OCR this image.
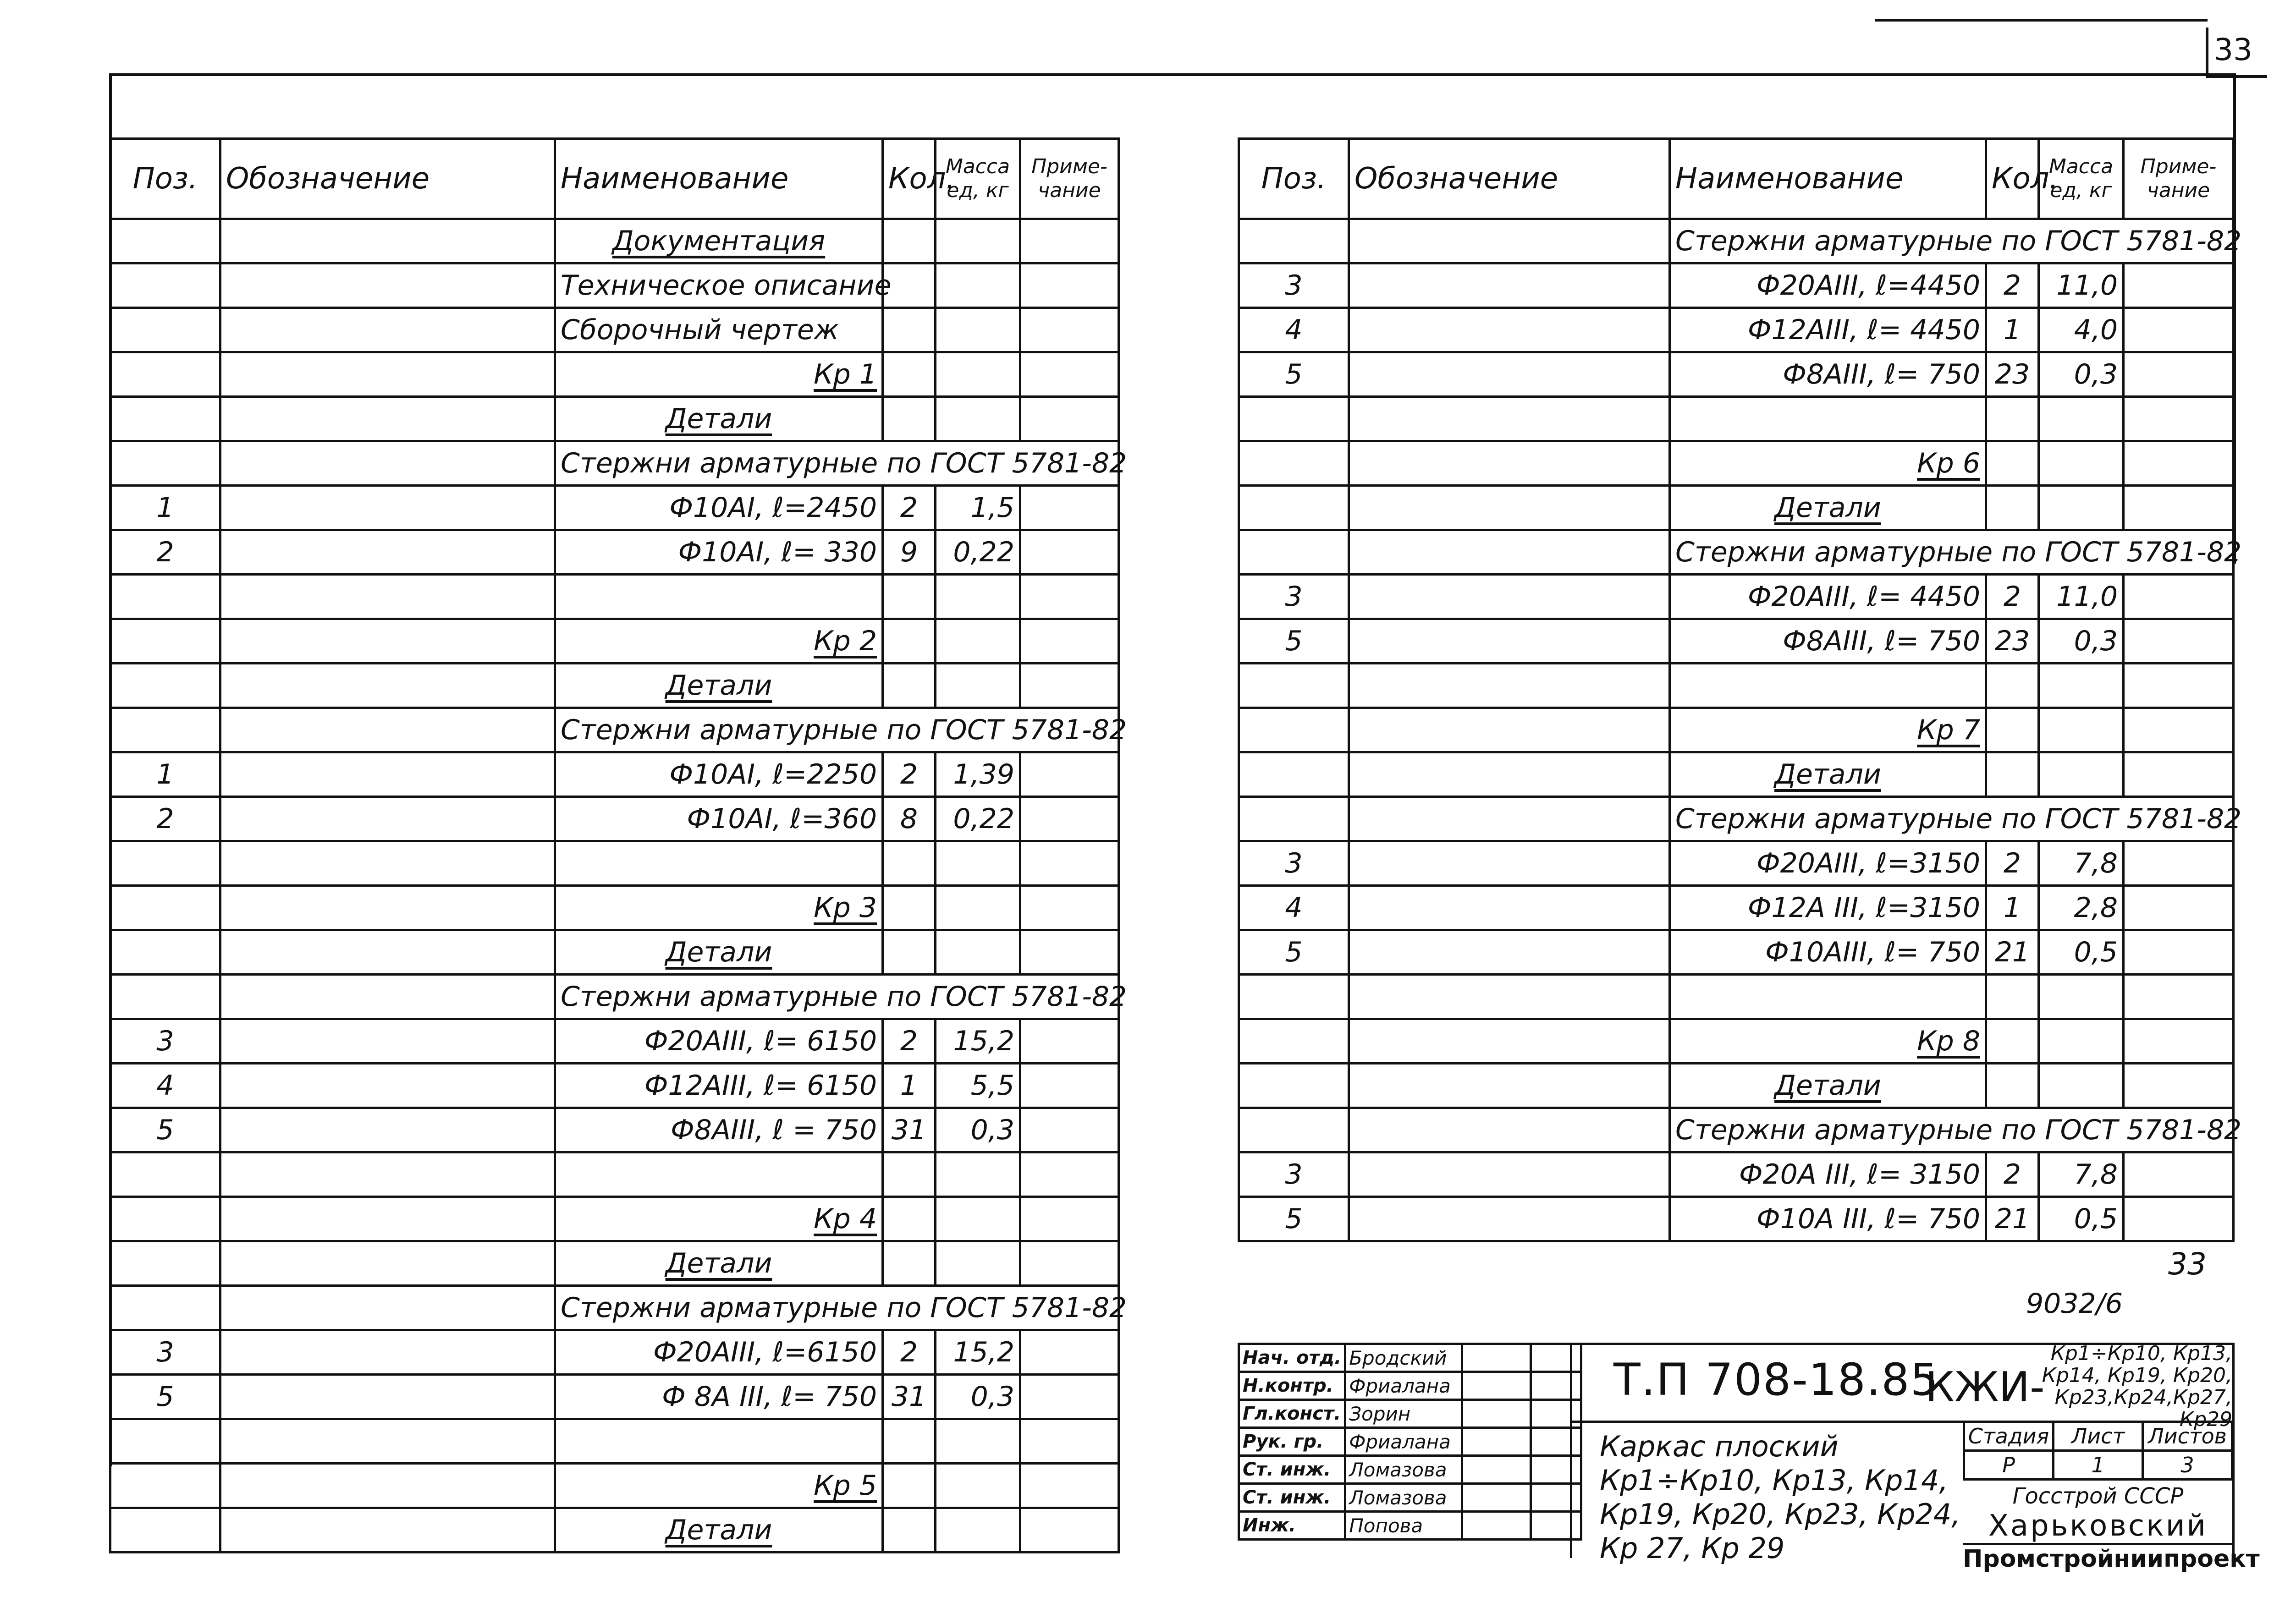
33
Поз.	Обозначение	Наименование	Кол.	Масса ед, кг	Приме-чание	
		Документация				
		Техническое описание				
		Сборочный чертеж				
		Кр 1				
		Детали				
		Стержни арматурные по ГОСТ 5781-82				
1		Ф10АI, ℓ=2450	2	1,5		
2		Ф10АI, ℓ= 330	9	0,22		

		Кр 2				
		Детали				
		Стержни арматурные по ГОСТ 5781-82				
1		Ф10АI, ℓ=2250	2	1,39		
2		Ф10АI, ℓ=360	8	0,22		

		Кр 3				
		Детали				
		Стержни арматурные по ГОСТ 5781-82				
3		Ф20АIII, ℓ= 6150	2	15,2		
4		Ф12АIII, ℓ= 6150	1	5,5		
5		Ф8АIII, ℓ = 750	31	0,3		

		Кр 4				
		Детали				
		Стержни арматурные по ГОСТ 5781-82				
3		Ф20АIII, ℓ=6150	2	15,2		
5		Ф 8А III, ℓ= 750	31	0,3		

		Кр 5				
		Детали				
Поз.	Обозначение	Наименование	Кол.	Масса ед, кг	Приме-чание	
		Стержни арматурные по ГОСТ 5781-82				
3		Ф20АIII, ℓ=4450	2	11,0		
4		Ф12АIII, ℓ= 4450	1	4,0		
5		Ф8АIII, ℓ= 750	23	0,3		

		Кр 6				
		Детали				
		Стержни арматурные по ГОСТ 5781-82				
3		Ф20АIII, ℓ= 4450	2	11,0		
5		Ф8АIII, ℓ= 750	23	0,3		

		Кр 7				
		Детали				
		Стержни арматурные по ГОСТ 5781-82				
3		Ф20АIII, ℓ=3150	2	7,8		
4		Ф12А III, ℓ=3150	1	2,8		
5		Ф10АIII, ℓ= 750	21	0,5		

		Кр 8				
		Детали				
		Стержни арматурные по ГОСТ 5781-82				
3		Ф20А III, ℓ= 3150	2	7,8		
5		Ф10А III, ℓ= 750	21	0,5		
33
9032/6
Нач. отд.	Бродский		
Н.контр.	Фриалана		
Гл.конст.	Зорин		
Рук. гр.	Фриалана		
Ст. инж.	Ломазова		
Ст. инж.	Ломазова		
Инж.	Попова		
Т.П 708-18.85
КЖИ-
Кр1÷Кр10, Кр13, Кр14, Кр19, Кр20, Кр23,Кр24,Кр27, Кр29
Каркас плоский Кр1÷Кр10, Кр13, Кр14, Кр19, Кр20, Кр23, Кр24, Кр 27, Кр 29
Стадия	Лист	Листов
Р	1	3
Госстрой СССР
Харьковский
Промстройниипроект
